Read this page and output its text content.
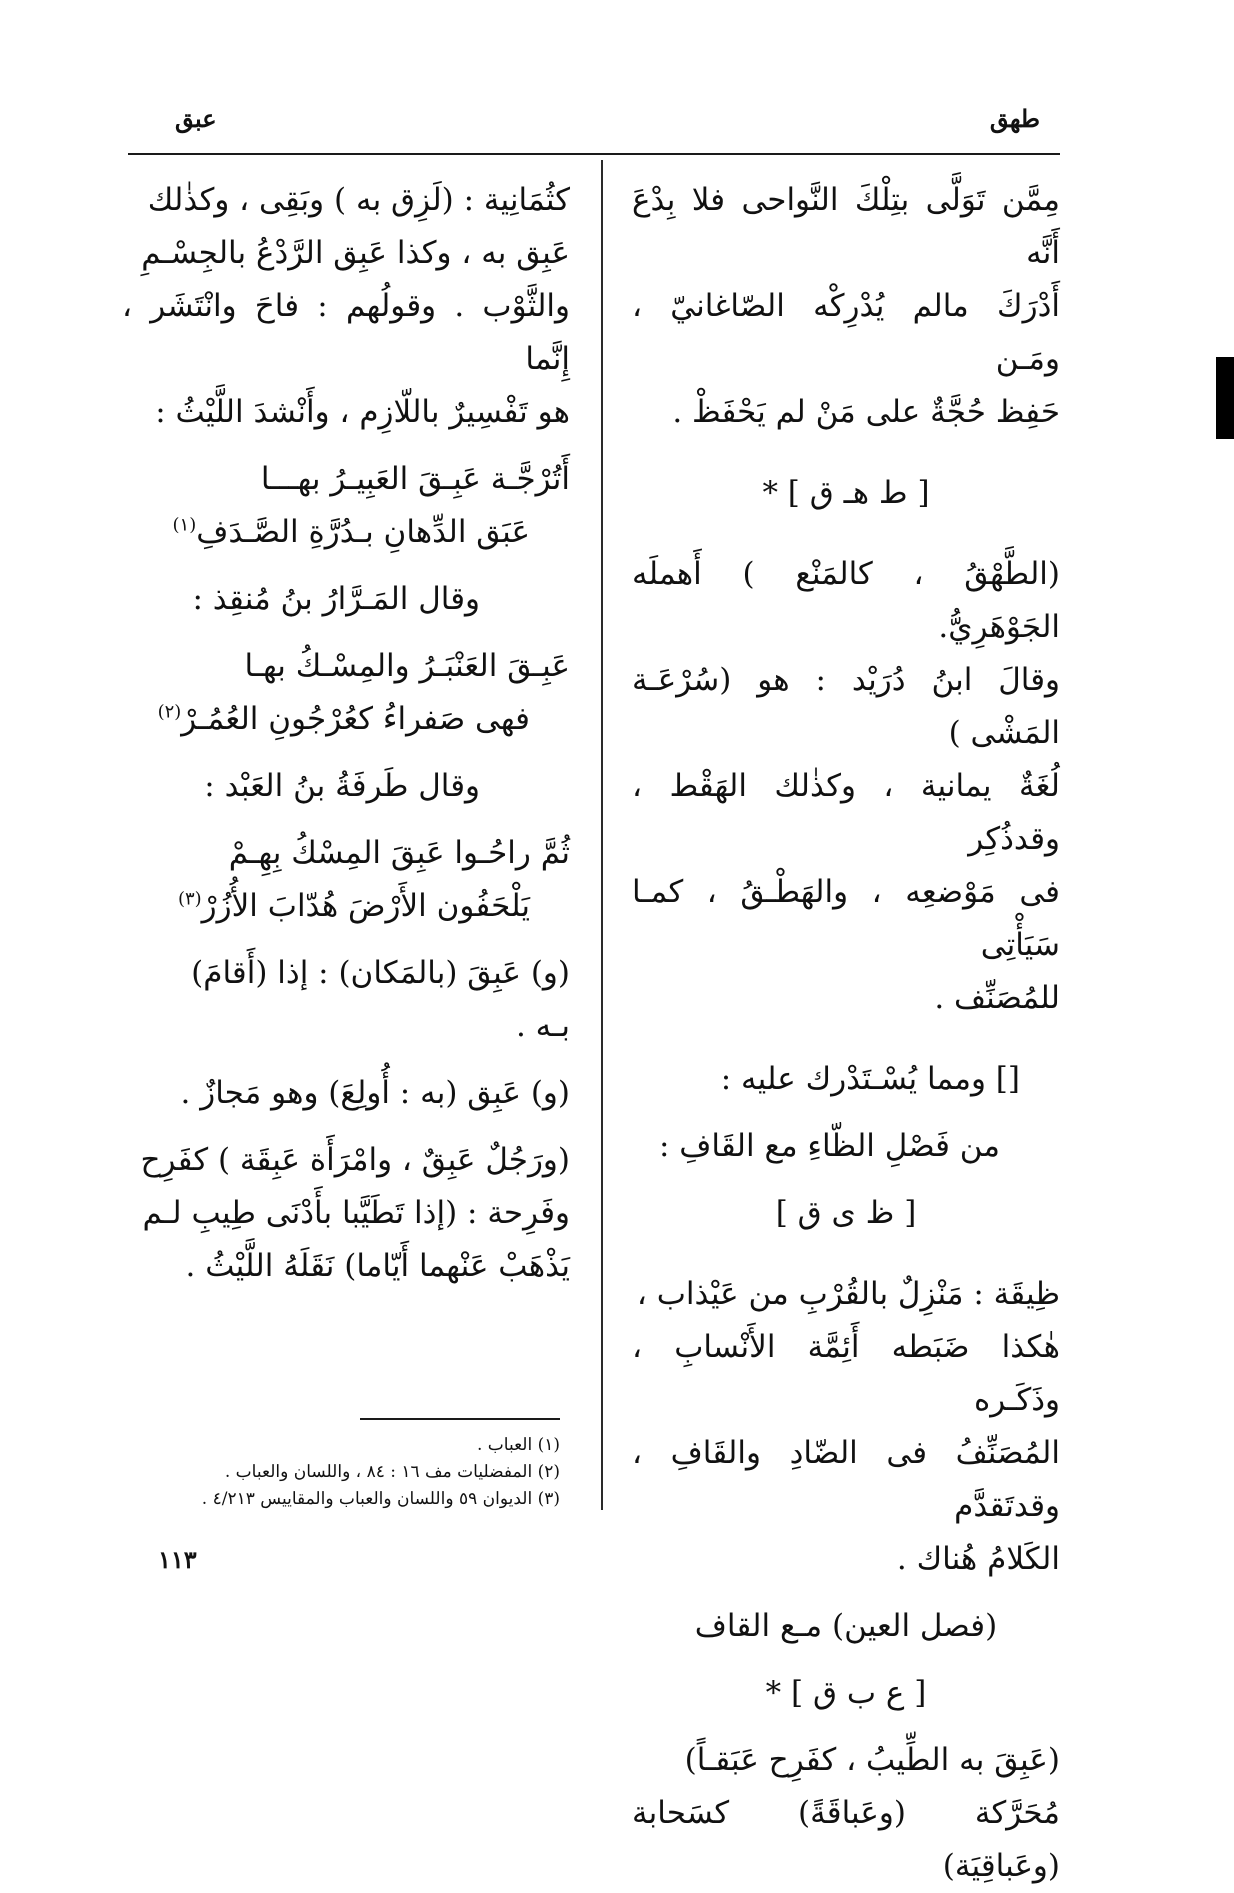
طهق
عبق

مِمَّن تَوَلَّى بتِلْكَ النَّواحى فلا بِدْعَ أَنَّه

أَدْرَكَ مالم يُدْرِكْه الصّاغانيّ ، ومَـن

حَفِظ حُجَّةٌ على مَنْ لم يَحْفَظْ .

[ ط هـ ق ] *

(الطَّهْقُ ، كالمَنْع ) أَهملَه الجَوْهَرِيُّ.

وقالَ ابنُ دُرَيْد : هو (سُرْعَـة المَشْى )

لُغَةٌ يمانية ، وكذٰلك الهَقْط ، وقدذُكِر

فى مَوْضعِه ، والهَطْـقُ ، كمـا سَيَأْتِى

للمُصَنِّف .

[] ومما يُسْـتَدْرك عليه :

من فَصْلِ الظّاءِ مع القَافِ :

[ ظ ى ق ]

ظِيقَة : مَنْزِلٌ بالقُرْبِ من عَيْذاب ،

هٰكذا ضَبَطه أَئِمَّة الأَنْسابِ ، وذَكَـره

المُصَنِّفُ فى الضّادِ والقَافِ ، وقدتَقدَّم

الكَلامُ هُناك .

(فصل العين) مـع القاف

[ ع ب ق ] *

(عَبِقَ به الطِّيبُ ، كفَرِح عَبَقـاً)

مُحَرَّكة (وعَباقَةً) كسَحابة (وعَباقِيَة)

كثُمَانِية : (لَزِق به ) وبَقِى ، وكذٰلك

عَبِق به ، وكذا عَبِق الرَّدْعُ بالجِسْـمِ

والثَّوْب . وقولُهم : فاحَ وانْتَشَر ، إِنَّما

هو تَفْسِيرٌ باللّازِم ، وأَنْشدَ اللَّيْثُ :

أَتُرْجَّـة عَبِـقَ العَبِيـرُ بهـــا

عَبَق الدِّهانِ بـدُرَّةِ الصَّـدَفِ$^{(١)}$

وقال المَـرَّارُ بنُ مُنقِذ :

عَبِـقَ العَنْبَـرُ والمِسْـكُ بهـا

فهى صَفراءُ كعُرْجُونِ العُمُـرْ$^{(٢)}$

وقال طَرفَةُ بنُ العَبْد :

ثُمَّ راحُـوا عَبِقَ المِسْكُ بِهِـمْ

يَلْحَفُون الأَرْضَ هُدّابَ الأُزُرْ$^{(٣)}$

(و) عَبِقَ (بالمَكان) : إذا (أَقامَ)

بـه .

(و) عَبِق (به : أُولِعَ) وهو مَجازٌ .

(ورَجُلٌ عَبِقٌ ، وامْرَأَة عَبِقَة ) كفَرِح

وفَرِحة : (إذا تَطَيَّبا بأَدْنَى طِيبِ لـم

يَذْهَبْ عَنْهما أَيّاما) نَقَلَهُ اللَّيْثُ .

(١) العباب .
(٢) المفضليات مف ١٦ : ٨٤ ، واللسان والعباب .
(٣) الديوان ٥٩ واللسان والعباب والمقاييس ٤/٢١٣ .
١١٣
